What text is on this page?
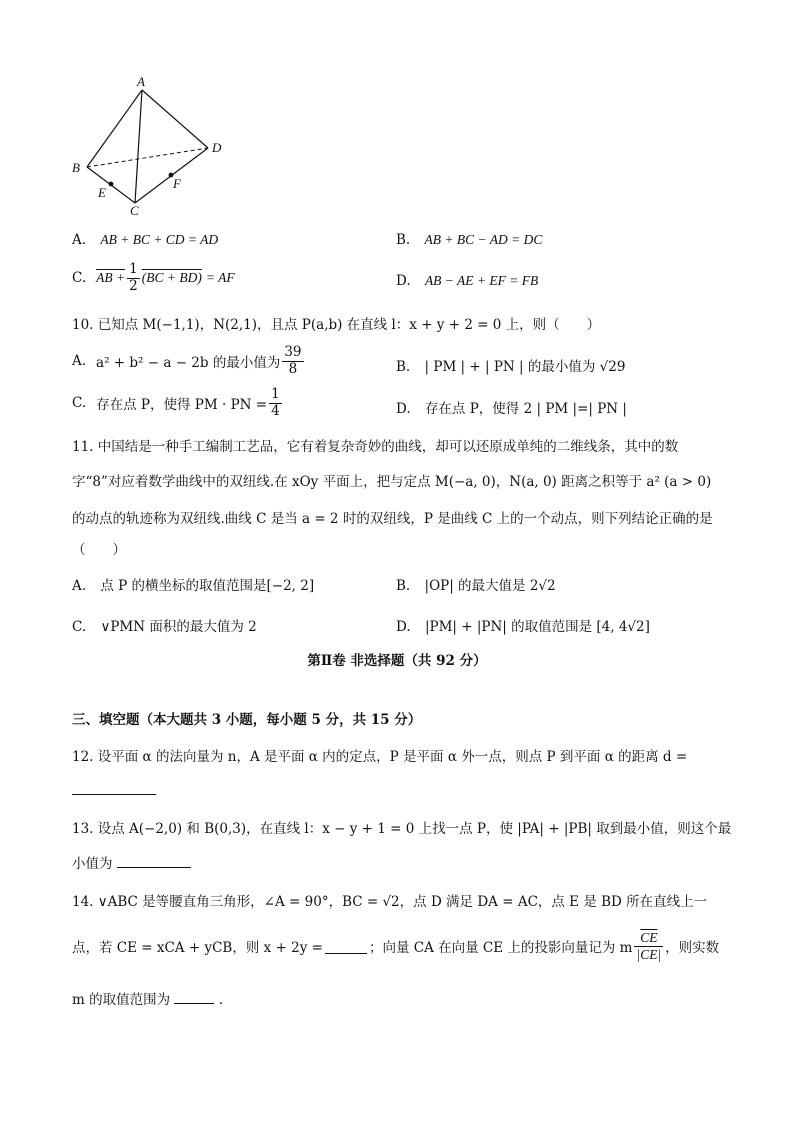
A
B
C
D
E
F
A. AB + BC + CD = AD	B. AB + BC − AD = DC
C. AB + $\frac{1}{2} (BC + BD)$ = AF	D. AB − AE + EF = FB
10. 已知点 M(−1,1)，N(2,1)，且点 P(a,b) 在直线 l：x + y + 2 = 0 上，则（　　）
A. a² + b² − a − 2b 的最小值为 $\frac{39}{8}$	B. | PM | + | PN | 的最小值为 √29
C. 存在点 P，使得 PM · PN = $\frac{1}{4}$	D. 存在点 P，使得 2 | PM |=| PN |
11. 中国结是一种手工编制工艺品，它有着复杂奇妙的曲线，却可以还原成单纯的二维线条，其中的数
字“8”对应着数学曲线中的双纽线.在 xOy 平面上，把与定点 M(−a, 0)，N(a, 0) 距离之积等于 a² (a > 0)
的动点的轨迹称为双纽线.曲线 C 是当 a = 2 时的双纽线，P 是曲线 C 上的一个动点，则下列结论正确的是
（　　）
A. 点 P 的横坐标的取值范围是[−2, 2]	B. |OP| 的最大值是 2√2
C. ∨PMN 面积的最大值为 2	D. |PM| + |PN| 的取值范围是 [4, 4√2]
第Ⅱ卷 非选择题（共 92 分）
三、填空题（本大题共 3 小题，每小题 5 分，共 15 分）
12. 设平面 α 的法向量为 n，A 是平面 α 内的定点，P 是平面 α 外一点，则点 P 到平面 α 的距离 d =
13. 设点 A(−2,0) 和 B(0,3)，在直线 l：x − y + 1 = 0 上找一点 P，使 |PA| + |PB| 取到最小值，则这个最
小值为
14. ∨ABC 是等腰直角三角形，∠A = 90°，BC = √2，点 D 满足 DA = AC，点 E 是 BD 所在直线上一
点，若 CE = xCA + yCB，则 x + 2y =	；向量 CA 在向量 CE 上的投影向量记为 m $\frac{\overline{CE}}{|CE|}$ ，则实数
m 的取值范围为	.
